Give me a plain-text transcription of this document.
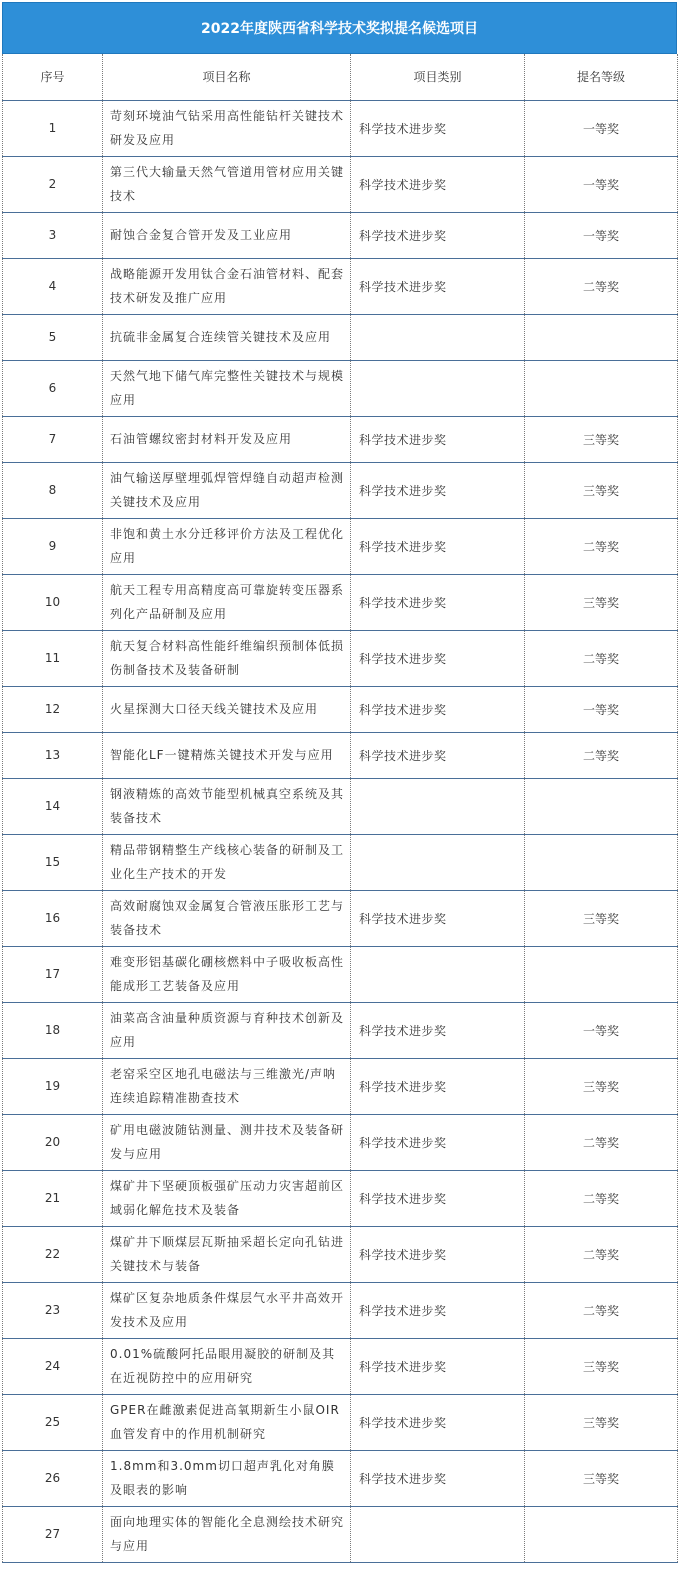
2022年度陕西省科学技术奖拟提名候选项目
序号	项目名称	项目类别	提名等级
1	苛刻环境油气钻采用高性能钻杆关键技术研发及应用	科学技术进步奖	一等奖
2	第三代大输量天然气管道用管材应用关键技术	科学技术进步奖	一等奖
3	耐蚀合金复合管开发及工业应用	科学技术进步奖	一等奖
4	战略能源开发用钛合金石油管材料、配套技术研发及推广应用	科学技术进步奖	二等奖
5	抗硫非金属复合连续管关键技术及应用		
6	天然气地下储气库完整性关键技术与规模应用		
7	石油管螺纹密封材料开发及应用	科学技术进步奖	三等奖
8	油气输送厚壁埋弧焊管焊缝自动超声检测关键技术及应用	科学技术进步奖	三等奖
9	非饱和黄土水分迁移评价方法及工程优化应用	科学技术进步奖	二等奖
10	航天工程专用高精度高可靠旋转变压器系列化产品研制及应用	科学技术进步奖	三等奖
11	航天复合材料高性能纤维编织预制体低损伤制备技术及装备研制	科学技术进步奖	二等奖
12	火星探测大口径天线关键技术及应用	科学技术进步奖	一等奖
13	智能化LF一键精炼关键技术开发与应用	科学技术进步奖	二等奖
14	钢液精炼的高效节能型机械真空系统及其装备技术		
15	精品带钢精整生产线核心装备的研制及工业化生产技术的开发		
16	高效耐腐蚀双金属复合管液压胀形工艺与装备技术	科学技术进步奖	三等奖
17	难变形铝基碳化硼核燃料中子吸收板高性能成形工艺装备及应用		
18	油菜高含油量种质资源与育种技术创新及应用	科学技术进步奖	一等奖
19	老窑采空区地孔电磁法与三维激光/声呐连续追踪精准勘查技术	科学技术进步奖	三等奖
20	矿用电磁波随钻测量、测井技术及装备研发与应用	科学技术进步奖	二等奖
21	煤矿井下坚硬顶板强矿压动力灾害超前区域弱化解危技术及装备	科学技术进步奖	二等奖
22	煤矿井下顺煤层瓦斯抽采超长定向孔钻进关键技术与装备	科学技术进步奖	二等奖
23	煤矿区复杂地质条件煤层气水平井高效开发技术及应用	科学技术进步奖	二等奖
24	0.01%硫酸阿托品眼用凝胶的研制及其在近视防控中的应用研究	科学技术进步奖	三等奖
25	GPER在雌激素促进高氧期新生小鼠OIR血管发育中的作用机制研究	科学技术进步奖	三等奖
26	1.8mm和3.0mm切口超声乳化对角膜及眼表的影响	科学技术进步奖	三等奖
27	面向地理实体的智能化全息测绘技术研究与应用		
